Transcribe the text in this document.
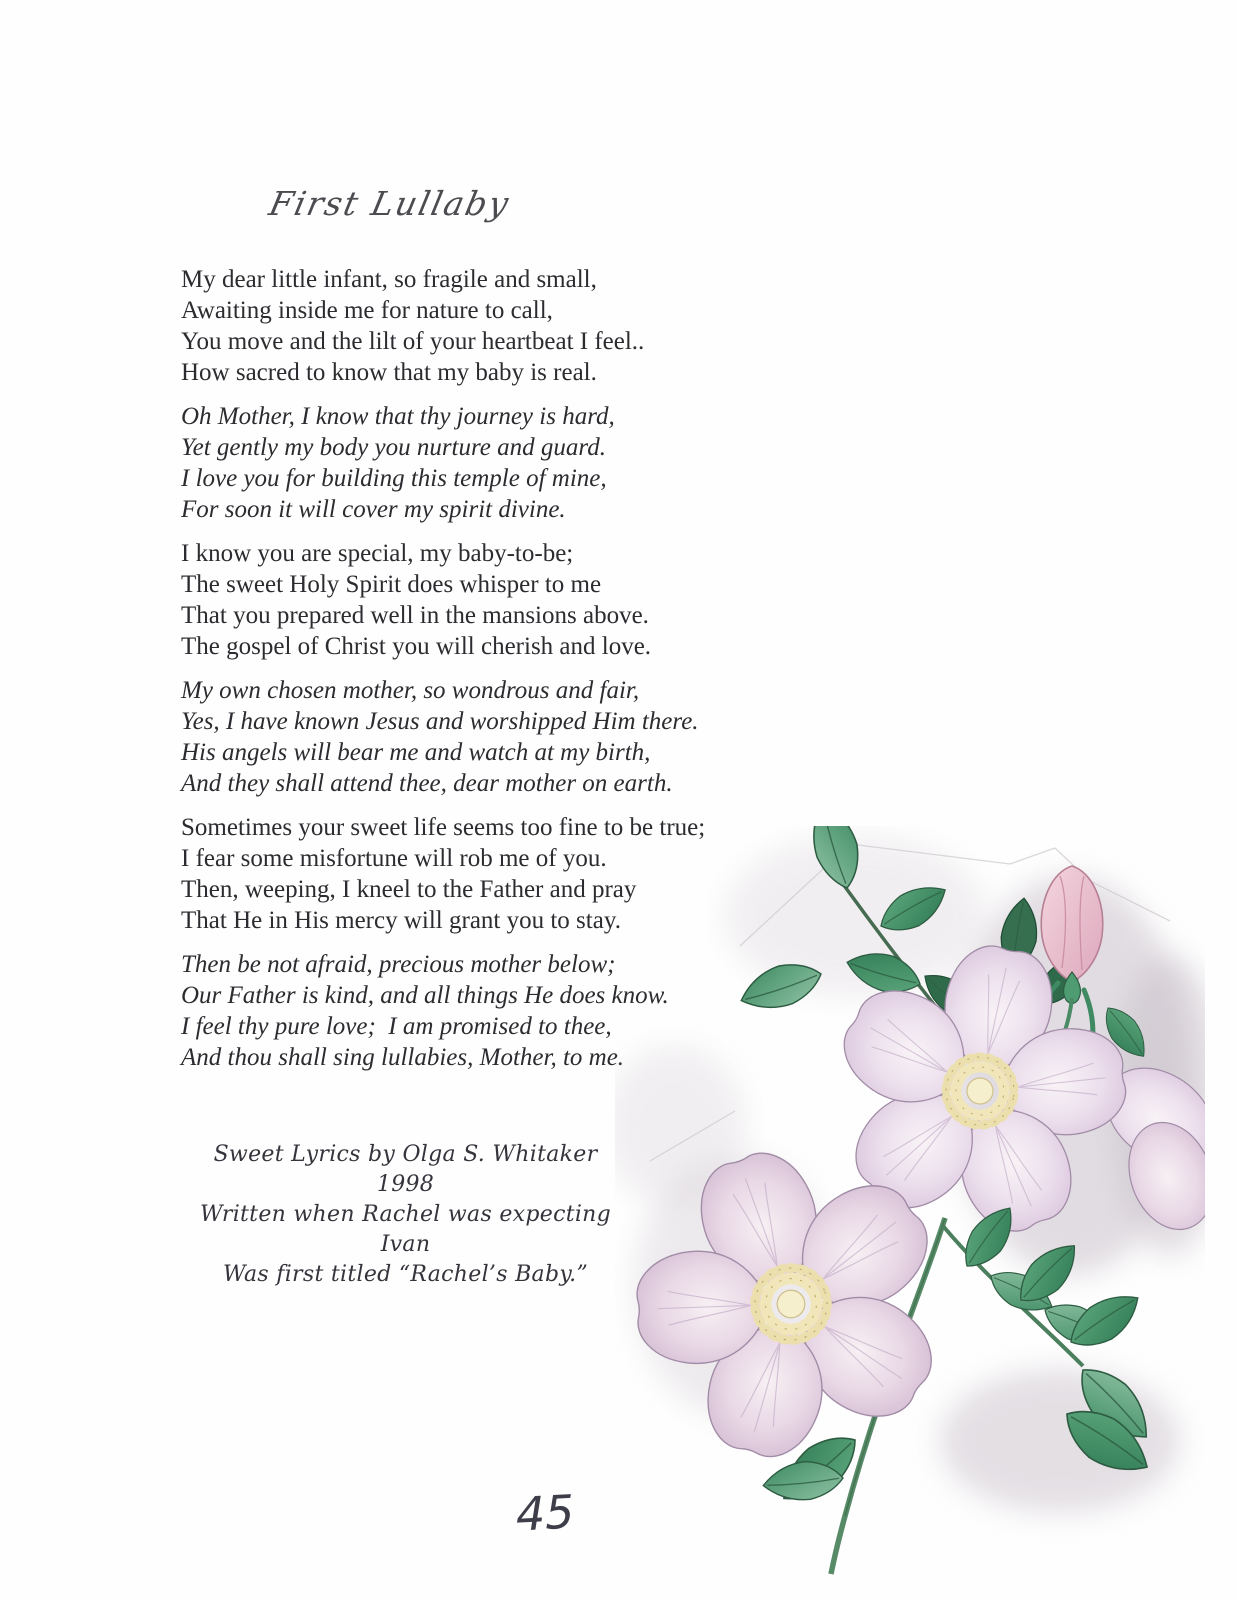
First Lullaby
My dear little infant, so fragile and small,
Awaiting inside me for nature to call,
You move and the lilt of your heartbeat I feel..
How sacred to know that my baby is real.
Oh Mother, I know that thy journey is hard,
Yet gently my body you nurture and guard.
I love you for building this temple of mine,
For soon it will cover my spirit divine.
I know you are special, my baby-to-be;
The sweet Holy Spirit does whisper to me
That you prepared well in the mansions above.
The gospel of Christ you will cherish and love.
My own chosen mother, so wondrous and fair,
Yes, I have known Jesus and worshipped Him there.
His angels will bear me and watch at my birth,
And they shall attend thee, dear mother on earth.
Sometimes your sweet life seems too fine to be true;
I fear some misfortune will rob me of you.
Then, weeping, I kneel to the Father and pray
That He in His mercy will grant you to stay.
Then be not afraid, precious mother below;
Our Father is kind, and all things He does know.
I feel thy pure love;  I am promised to thee,
And thou shall sing lullabies, Mother, to me.
Sweet Lyrics by Olga S. Whitaker 1998
Written when Rachel was expecting Ivan
Was first titled “Rachel’s Baby.”
45
